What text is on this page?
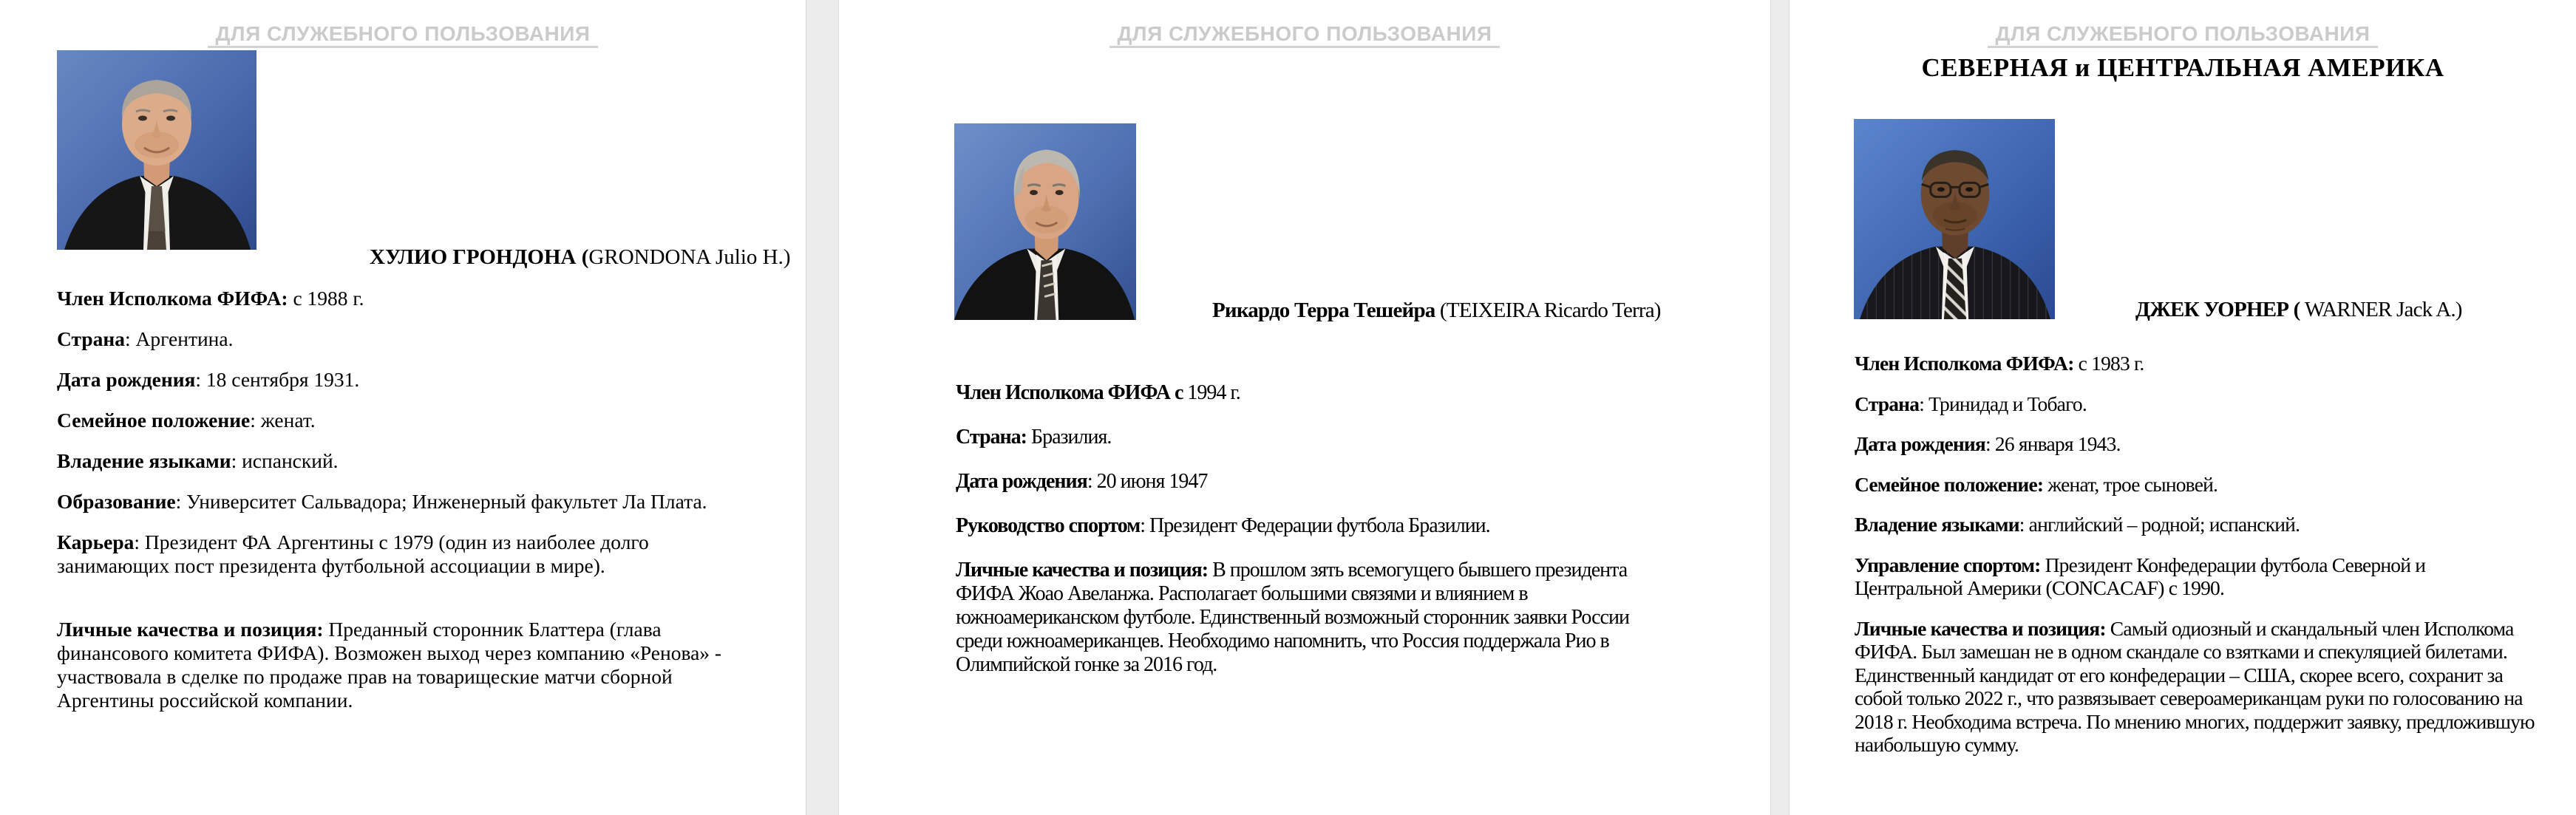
ДЛЯ СЛУЖЕБНОГО ПОЛЬЗОВАНИЯ
ХУЛИО ГРОНДОНА (GRONDONA Julio H.)

Член Исполкома ФИФА: с 1988 г.

Страна: Аргентина.

Дата рождения: 18 сентября 1931.

Семейное положение: женат.

Владение языками: испанский.

Образование: Университет Сальвадора; Инженерный факультет Ла Плата.

Карьера: Президент ФА Аргентины с 1979 (один из наиболее долго занимающих пост президента футбольной ассоциации в мире).

Личные качества и позиция: Преданный сторонник Блаттера (глава финансового комитета ФИФА). Возможен выход через компанию «Ренова» - участвовала в сделке по продаже прав на товарищеские матчи сборной Аргентины российской компании.

ДЛЯ СЛУЖЕБНОГО ПОЛЬЗОВАНИЯ
Рикардо Терра Тешейра (TEIXEIRA Ricardo Terra)

Член Исполкома ФИФА с 1994 г.

Страна: Бразилия.

Дата рождения: 20 июня 1947

Руководство спортом: Президент Федерации футбола Бразилии.

Личные качества и позиция: В прошлом зять всемогущего бывшего президента ФИФА Жоао Авеланжа. Располагает большими связями и влиянием в южноамериканском футболе. Единственный возможный сторонник заявки России среди южноамериканцев. Необходимо напомнить, что Россия поддержала Рио в Олимпийской гонке за 2016 год.

ДЛЯ СЛУЖЕБНОГО ПОЛЬЗОВАНИЯ
СЕВЕРНАЯ и ЦЕНТРАЛЬНАЯ АМЕРИКА
ДЖЕК УОРНЕР ( WARNER Jack A.)

Член Исполкома ФИФА: с 1983 г.

Страна: Тринидад и Тобаго.

Дата рождения: 26 января 1943.

Семейное положение: женат, трое сыновей.

Владение языками: английский – родной; испанский.

Управление спортом: Президент Конфедерации футбола Северной и Центральной Америки (CONCACAF) с 1990.

Личные качества и позиция: Самый одиозный и скандальный член Исполкома ФИФА. Был замешан не в одном скандале со взятками и спекуляцией билетами. Единственный кандидат от его конфедерации – США, скорее всего, сохранит за собой только 2022 г., что развязывает североамериканцам руки по голосованию на 2018 г. Необходима встреча. По мнению многих, поддержит заявку, предложившую наибольшую сумму.
